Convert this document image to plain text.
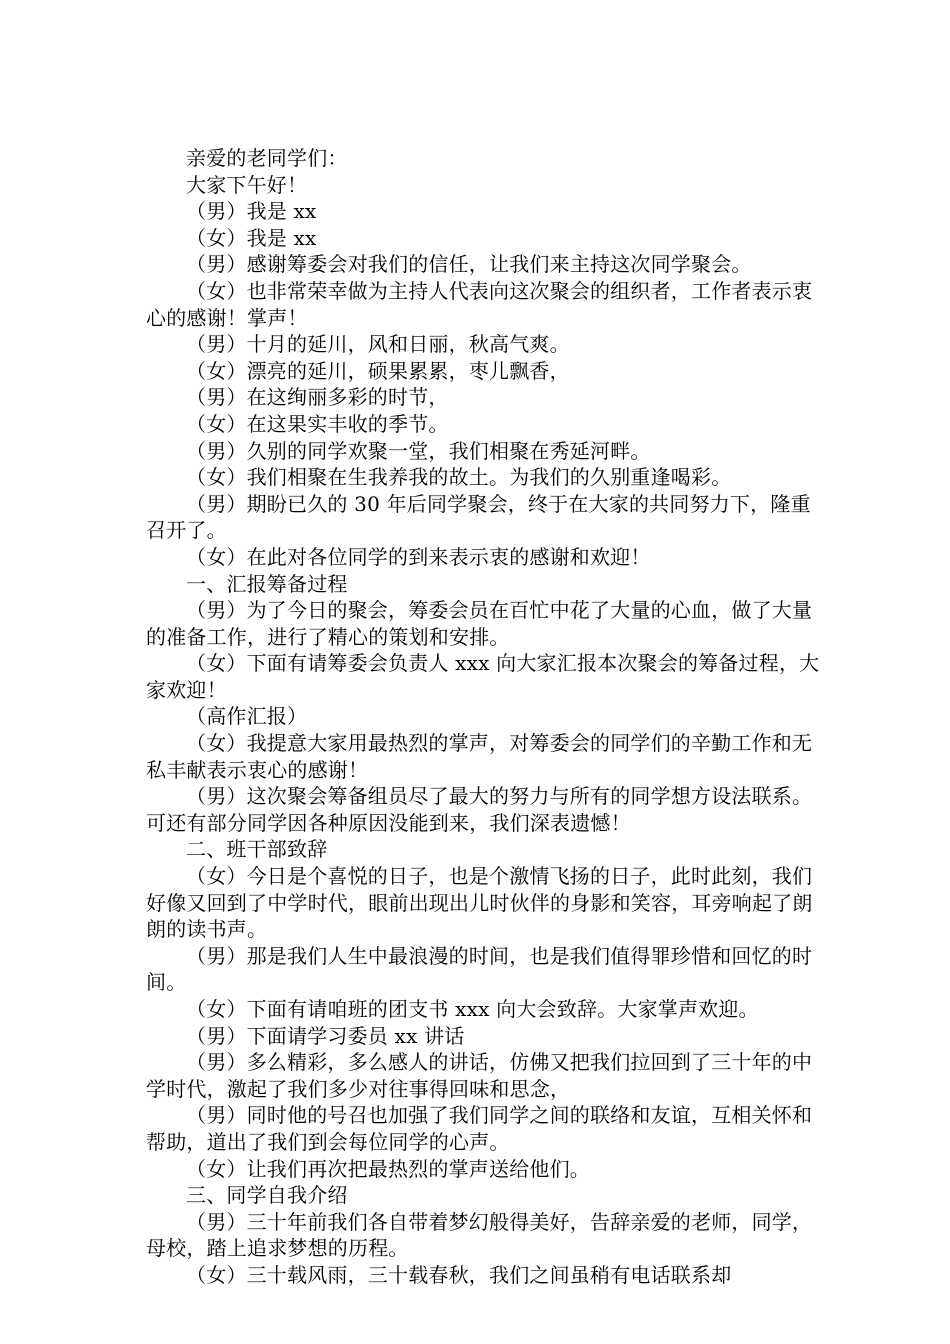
亲爱的老同学们：

大家下午好！

（男）我是 xx

（女）我是 xx

（男）感谢筹委会对我们的信任，让我们来主持这次同学聚会。

（女）也非常荣幸做为主持人代表向这次聚会的组织者，工作者表示衷心的感谢！掌声！

（男）十月的延川，风和日丽，秋高气爽。

（女）漂亮的延川，硕果累累，枣儿飘香，

（男）在这绚丽多彩的时节，

（女）在这果实丰收的季节。

（男）久别的同学欢聚一堂，我们相聚在秀延河畔。

（女）我们相聚在生我养我的故土。为我们的久别重逢喝彩。

（男）期盼已久的 30 年后同学聚会，终于在大家的共同努力下，隆重召开了。

（女）在此对各位同学的到来表示衷的感谢和欢迎！

一、汇报筹备过程

（男）为了今日的聚会，筹委会员在百忙中花了大量的心血，做了大量的准备工作，进行了精心的策划和安排。

（女）下面有请筹委会负责人 xxx 向大家汇报本次聚会的筹备过程，大家欢迎！

（高作汇报）

（女）我提意大家用最热烈的掌声，对筹委会的同学们的辛勤工作和无私丰献表示衷心的感谢！

（男）这次聚会筹备组员尽了最大的努力与所有的同学想方设法联系。可还有部分同学因各种原因没能到来，我们深表遗憾！

二、班干部致辞

（女）今日是个喜悦的日子，也是个激情飞扬的日子，此时此刻，我们好像又回到了中学时代，眼前出现出儿时伙伴的身影和笑容，耳旁响起了朗朗的读书声。

（男）那是我们人生中最浪漫的时间，也是我们值得罪珍惜和回忆的时间。

（女）下面有请咱班的团支书 xxx 向大会致辞。大家掌声欢迎。

（男）下面请学习委员 xx 讲话

（男）多么精彩，多么感人的讲话，仿佛又把我们拉回到了三十年的中学时代，激起了我们多少对往事得回味和思念，

（男）同时他的号召也加强了我们同学之间的联络和友谊，互相关怀和帮助，道出了我们到会每位同学的心声。

（女）让我们再次把最热烈的掌声送给他们。

三、同学自我介绍

（男）三十年前我们各自带着梦幻般得美好，告辞亲爱的老师，同学，母校，踏上追求梦想的历程。

（女）三十载风雨，三十载春秋，我们之间虽稍有电话联系却
